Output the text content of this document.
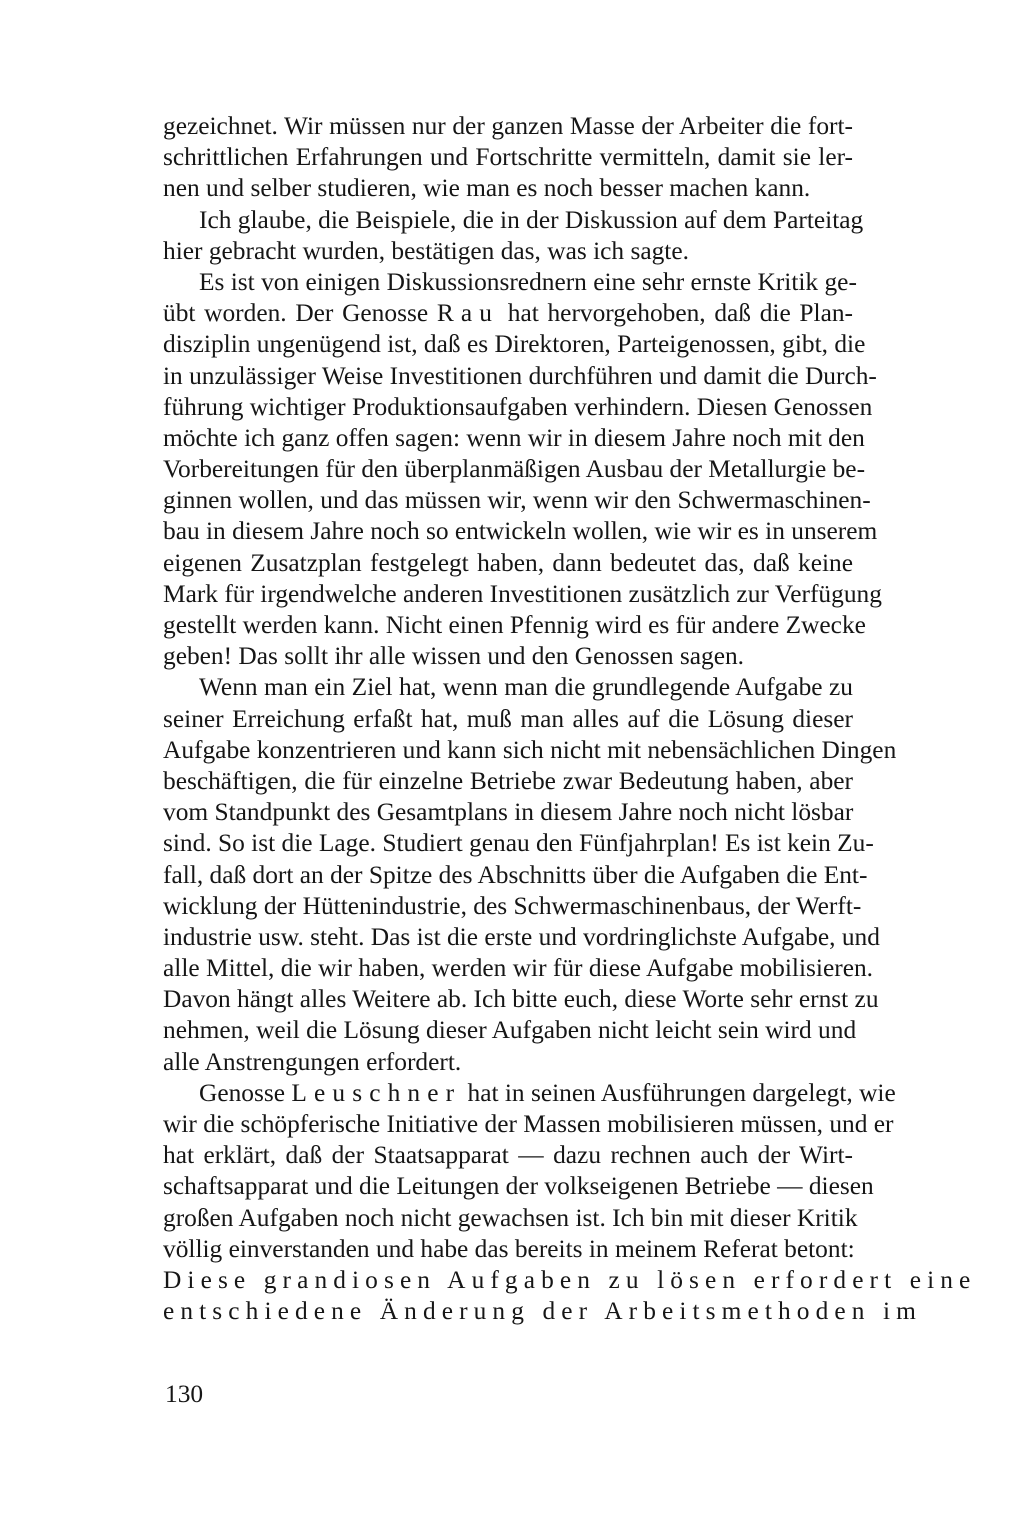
gezeichnet. Wir müssen nur der ganzen Masse der Arbeiter die fort-
schrittlichen Erfahrungen und Fortschritte vermitteln, damit sie ler-
nen und selber studieren, wie man es noch besser machen kann.
Ich glaube, die Beispiele, die in der Diskussion auf dem Parteitag
hier gebracht wurden, bestätigen das, was ich sagte.
Es ist von einigen Diskussionsrednern eine sehr ernste Kritik ge-
übt worden. Der Genosse Rau hat hervorgehoben, daß die Plan-
disziplin ungenügend ist, daß es Direktoren, Parteigenossen, gibt, die
in unzulässiger Weise Investitionen durchführen und damit die Durch-
führung wichtiger Produktionsaufgaben verhindern. Diesen Genossen
möchte ich ganz offen sagen: wenn wir in diesem Jahre noch mit den
Vorbereitungen für den überplanmäßigen Ausbau der Metallurgie be-
ginnen wollen, und das müssen wir, wenn wir den Schwermaschinen-
bau in diesem Jahre noch so entwickeln wollen, wie wir es in unserem
eigenen Zusatzplan festgelegt haben, dann bedeutet das, daß keine
Mark für irgendwelche anderen Investitionen zusätzlich zur Verfügung
gestellt werden kann. Nicht einen Pfennig wird es für andere Zwecke
geben! Das sollt ihr alle wissen und den Genossen sagen.
Wenn man ein Ziel hat, wenn man die grundlegende Aufgabe zu
seiner Erreichung erfaßt hat, muß man alles auf die Lösung dieser
Aufgabe konzentrieren und kann sich nicht mit nebensächlichen Dingen
beschäftigen, die für einzelne Betriebe zwar Bedeutung haben, aber
vom Standpunkt des Gesamtplans in diesem Jahre noch nicht lösbar
sind. So ist die Lage. Studiert genau den Fünfjahrplan! Es ist kein Zu-
fall, daß dort an der Spitze des Abschnitts über die Aufgaben die Ent-
wicklung der Hüttenindustrie, des Schwermaschinenbaus, der Werft-
industrie usw. steht. Das ist die erste und vordringlichste Aufgabe, und
alle Mittel, die wir haben, werden wir für diese Aufgabe mobilisieren.
Davon hängt alles Weitere ab. Ich bitte euch, diese Worte sehr ernst zu
nehmen, weil die Lösung dieser Aufgaben nicht leicht sein wird und
alle Anstrengungen erfordert.
Genosse Leuschner hat in seinen Ausführungen dargelegt, wie
wir die schöpferische Initiative der Massen mobilisieren müssen, und er
hat erklärt, daß der Staatsapparat — dazu rechnen auch der Wirt-
schaftsapparat und die Leitungen der volkseigenen Betriebe — diesen
großen Aufgaben noch nicht gewachsen ist. Ich bin mit dieser Kritik
völlig einverstanden und habe das bereits in meinem Referat betont:
Diese grandiosen Aufgaben zu lösen erfordert eine
entschiedene Änderung der Arbeitsmethoden im
130
